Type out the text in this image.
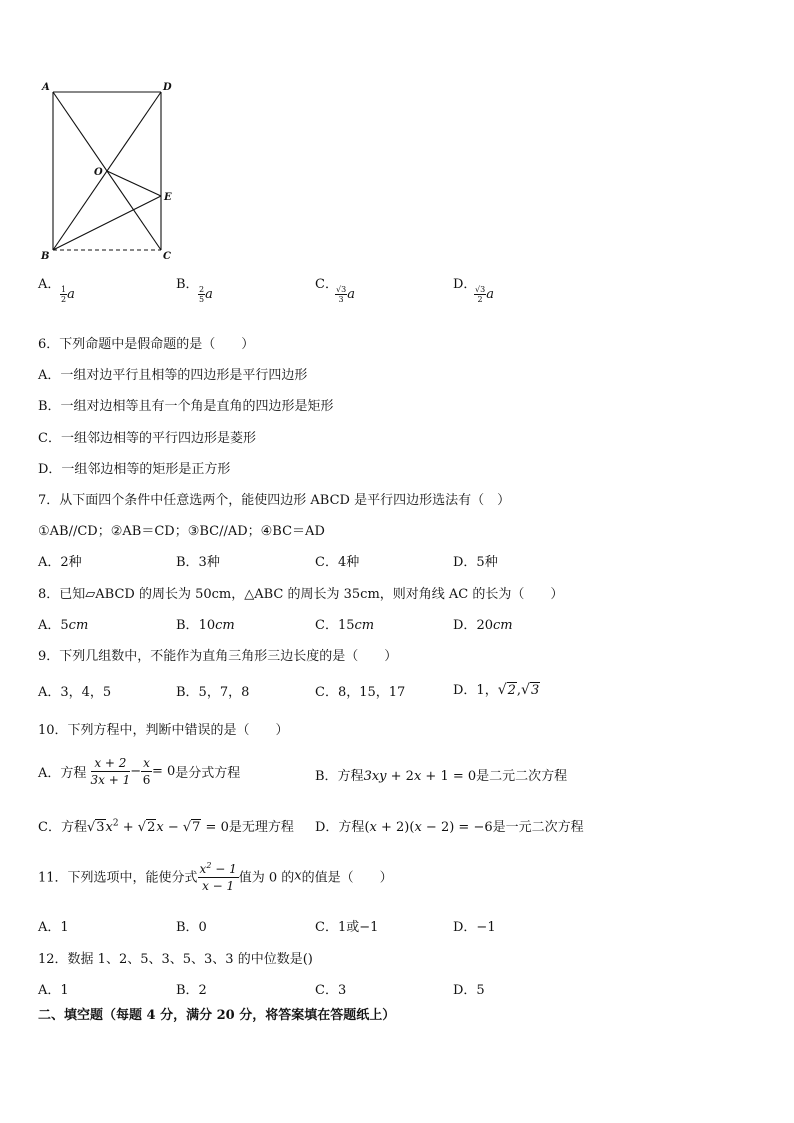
A	D
O
E
B	C
A．
$\frac{1}{2}$ a
B．
$\frac{2}{5}$ a
C．
$\frac{√3}{3}$ a
D．
$\frac{√3}{2}$ a
6．下列命题中是假命题的是（　　）
A．一组对边平行且相等的四边形是平行四边形
B．一组对边相等且有一个角是直角的四边形是矩形
C．一组邻边相等的平行四边形是菱形
D．一组邻边相等的矩形是正方形
7．从下面四个条件中任意选两个，能使四边形 ABCD 是平行四边形选法有（　）
①AB//CD；②AB＝CD；③BC//AD；④BC＝AD
A．2种	B．3种	C．4种	D．5种
8．已知▱ABCD 的周长为 50cm，△ABC 的周长为 35cm，则对角线 AC 的长为（　　）
A．5cm	B．10cm	C．15cm	D．20cm
9．下列几组数中，不能作为直角三角形三边长度的是（　　）
A．3，4，5	B．5，7，8	C．8，15，17	D．1，√2,√3
10．下列方程中，判断中错误的是（　　）
A．方程 $\frac{x + 2}{3x + 1} - \frac{x}{6} = 0$是分式方程	B．方程3xy + 2x + 1 = 0是二元二次方程
C．方程$√3x^2 + √2x - √7 = 0$是无理方程 D．方程(x + 2)(x − 2) = −6是一元二次方程
11．下列选项中，能使分式 $\frac{x^2 - 1}{x - 1}$ 值为 0 的x的值是（　　）
A．1	B．0	C．1或−1	D．−1
12．数据 1、2、5、3、5、3、3 的中位数是()
A．1	B．2	C．3	D．5
二、填空题（每题 4 分，满分 20 分，将答案填在答题纸上）
